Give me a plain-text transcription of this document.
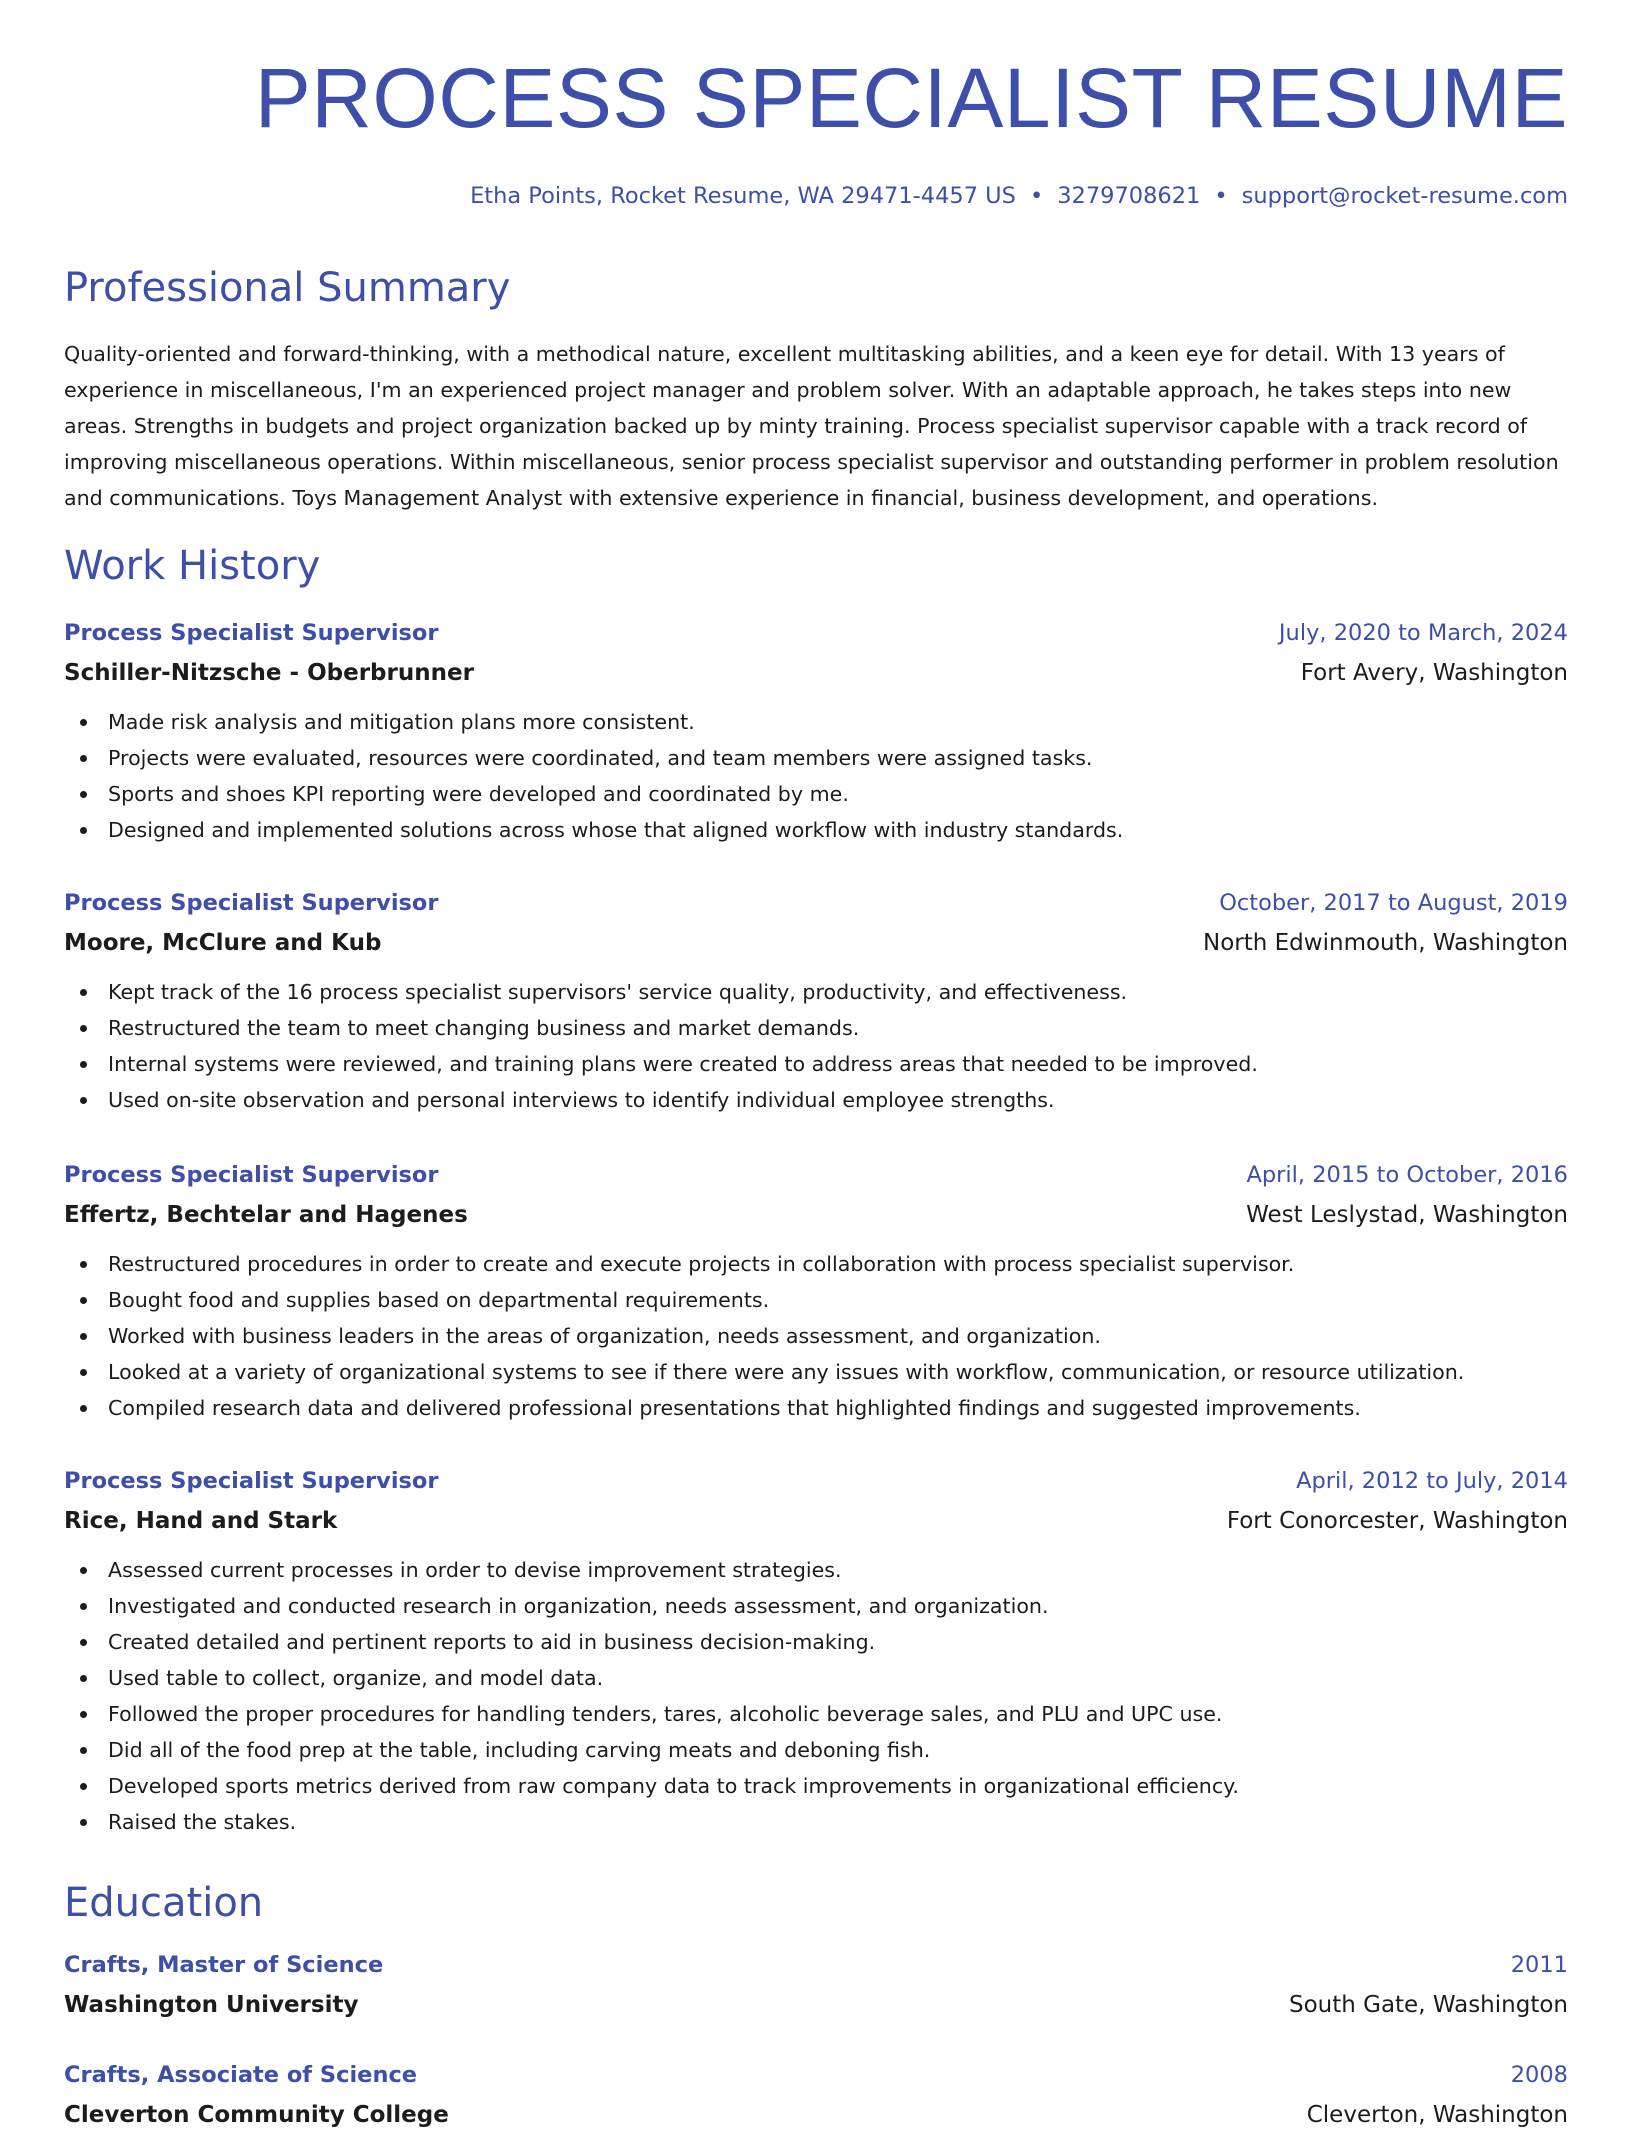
PROCESS SPECIALIST RESUME
Etha Points, Rocket Resume, WA 29471-4457 US • 3279708621 • support@rocket-resume.com
Professional Summary

Quality-oriented and forward-thinking, with a methodical nature, excellent multitasking abilities, and a keen eye for detail. With 13 years of experience in miscellaneous, I'm an experienced project manager and problem solver. With an adaptable approach, he takes steps into new areas. Strengths in budgets and project organization backed up by minty training. Process specialist supervisor capable with a track record of improving miscellaneous operations. Within miscellaneous, senior process specialist supervisor and outstanding performer in problem resolution and communications. Toys Management Analyst with extensive experience in financial, business development, and operations.

Work History
Process Specialist Supervisor	July, 2020 to March, 2024
Schiller-Nitzsche - Oberbrunner	Fort Avery, Washington
Made risk analysis and mitigation plans more consistent.
Projects were evaluated, resources were coordinated, and team members were assigned tasks.
Sports and shoes KPI reporting were developed and coordinated by me.
Designed and implemented solutions across whose that aligned workflow with industry standards.
Process Specialist Supervisor	October, 2017 to August, 2019
Moore, McClure and Kub	North Edwinmouth, Washington
Kept track of the 16 process specialist supervisors' service quality, productivity, and effectiveness.
Restructured the team to meet changing business and market demands.
Internal systems were reviewed, and training plans were created to address areas that needed to be improved.
Used on-site observation and personal interviews to identify individual employee strengths.
Process Specialist Supervisor	April, 2015 to October, 2016
Effertz, Bechtelar and Hagenes	West Leslystad, Washington
Restructured procedures in order to create and execute projects in collaboration with process specialist supervisor.
Bought food and supplies based on departmental requirements.
Worked with business leaders in the areas of organization, needs assessment, and organization.
Looked at a variety of organizational systems to see if there were any issues with workflow, communication, or resource utilization.
Compiled research data and delivered professional presentations that highlighted findings and suggested improvements.
Process Specialist Supervisor	April, 2012 to July, 2014
Rice, Hand and Stark	Fort Conorcester, Washington
Assessed current processes in order to devise improvement strategies.
Investigated and conducted research in organization, needs assessment, and organization.
Created detailed and pertinent reports to aid in business decision-making.
Used table to collect, organize, and model data.
Followed the proper procedures for handling tenders, tares, alcoholic beverage sales, and PLU and UPC use.
Did all of the food prep at the table, including carving meats and deboning fish.
Developed sports metrics derived from raw company data to track improvements in organizational efficiency.
Raised the stakes.
Education
Crafts, Master of Science	2011
Washington University	South Gate, Washington
Crafts, Associate of Science	2008
Cleverton Community College	Cleverton, Washington
